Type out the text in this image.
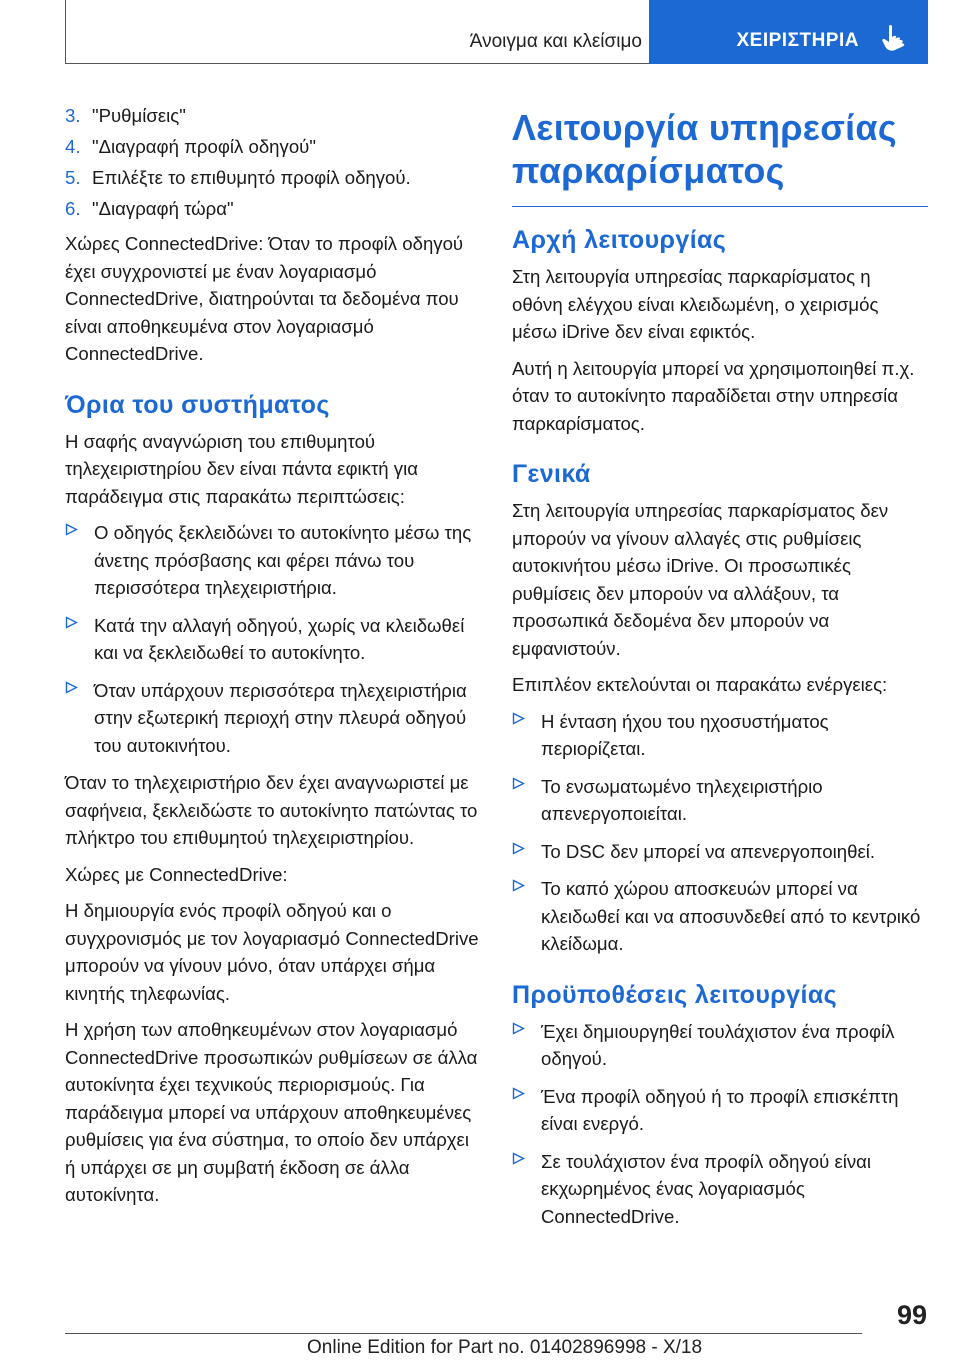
Άνοιγμα και κλείσιμο	ΧΕΙΡΙΣΤΗΡΙΑ
3. "Ρυθμίσεις"
4. "Διαγραφή προφίλ οδηγού"
5. Επιλέξτε το επιθυμητό προφίλ οδηγού.
6. "Διαγραφή τώρα"

Χώρες ConnectedDrive: Όταν το προφίλ οδηγού έχει συγχρονιστεί με έναν λογαριασμό ConnectedDrive, διατηρούνται τα δεδομένα που είναι αποθηκευμένα στον λογαριασμό ConnectedDrive.

Όρια του συστήματος

Η σαφής αναγνώριση του επιθυμητού τηλεχειριστηρίου δεν είναι πάντα εφικτή για παράδειγμα στις παρακάτω περιπτώσεις:

Ο οδηγός ξεκλειδώνει το αυτοκίνητο μέσω της άνετης πρόσβασης και φέρει πάνω του περισσότερα τηλεχειριστήρια.
Κατά την αλλαγή οδηγού, χωρίς να κλειδωθεί και να ξεκλειδωθεί το αυτοκίνητο.
Όταν υπάρχουν περισσότερα τηλεχειριστήρια στην εξωτερική περιοχή στην πλευρά οδηγού του αυτοκινήτου.

Όταν το τηλεχειριστήριο δεν έχει αναγνωριστεί με σαφήνεια, ξεκλειδώστε το αυτοκίνητο πατώντας το πλήκτρο του επιθυμητού τηλεχειριστηρίου.

Χώρες με ConnectedDrive:

Η δημιουργία ενός προφίλ οδηγού και ο συγχρονισμός με τον λογαριασμό ConnectedDrive μπορούν να γίνουν μόνο, όταν υπάρχει σήμα κινητής τηλεφωνίας.

Η χρήση των αποθηκευμένων στον λογαριασμό ConnectedDrive προσωπικών ρυθμίσεων σε άλλα αυτοκίνητα έχει τεχνικούς περιορισμούς. Για παράδειγμα μπορεί να υπάρχουν αποθηκευμένες ρυθμίσεις για ένα σύστημα, το οποίο δεν υπάρχει ή υπάρχει σε μη συμβατή έκδοση σε άλλα αυτοκίνητα.

Λειτουργία υπηρεσίας παρκαρίσματος
Αρχή λειτουργίας

Στη λειτουργία υπηρεσίας παρκαρίσματος η οθόνη ελέγχου είναι κλειδωμένη, ο χειρισμός μέσω iDrive δεν είναι εφικτός.

Αυτή η λειτουργία μπορεί να χρησιμοποιηθεί π.χ. όταν το αυτοκίνητο παραδίδεται στην υπηρεσία παρκαρίσματος.

Γενικά

Στη λειτουργία υπηρεσίας παρκαρίσματος δεν μπορούν να γίνουν αλλαγές στις ρυθμίσεις αυτοκινήτου μέσω iDrive. Οι προσωπικές ρυθμίσεις δεν μπορούν να αλλάξουν, τα προσωπικά δεδομένα δεν μπορούν να εμφανιστούν.

Επιπλέον εκτελούνται οι παρακάτω ενέργειες:

Η ένταση ήχου του ηχοσυστήματος περιορίζεται.
Το ενσωματωμένο τηλεχειριστήριο απενεργοποιείται.
Το DSC δεν μπορεί να απενεργοποιηθεί.
Το καπό χώρου αποσκευών μπορεί να κλειδωθεί και να αποσυνδεθεί από το κεντρικό κλείδωμα.
Προϋποθέσεις λειτουργίας
Έχει δημιουργηθεί τουλάχιστον ένα προφίλ οδηγού.
Ένα προφίλ οδηγού ή το προφίλ επισκέπτη είναι ενεργό.
Σε τουλάχιστον ένα προφίλ οδηγού είναι εκχωρημένος ένας λογαριασμός ConnectedDrive.
99
Online Edition for Part no. 01402896998 - X/18
